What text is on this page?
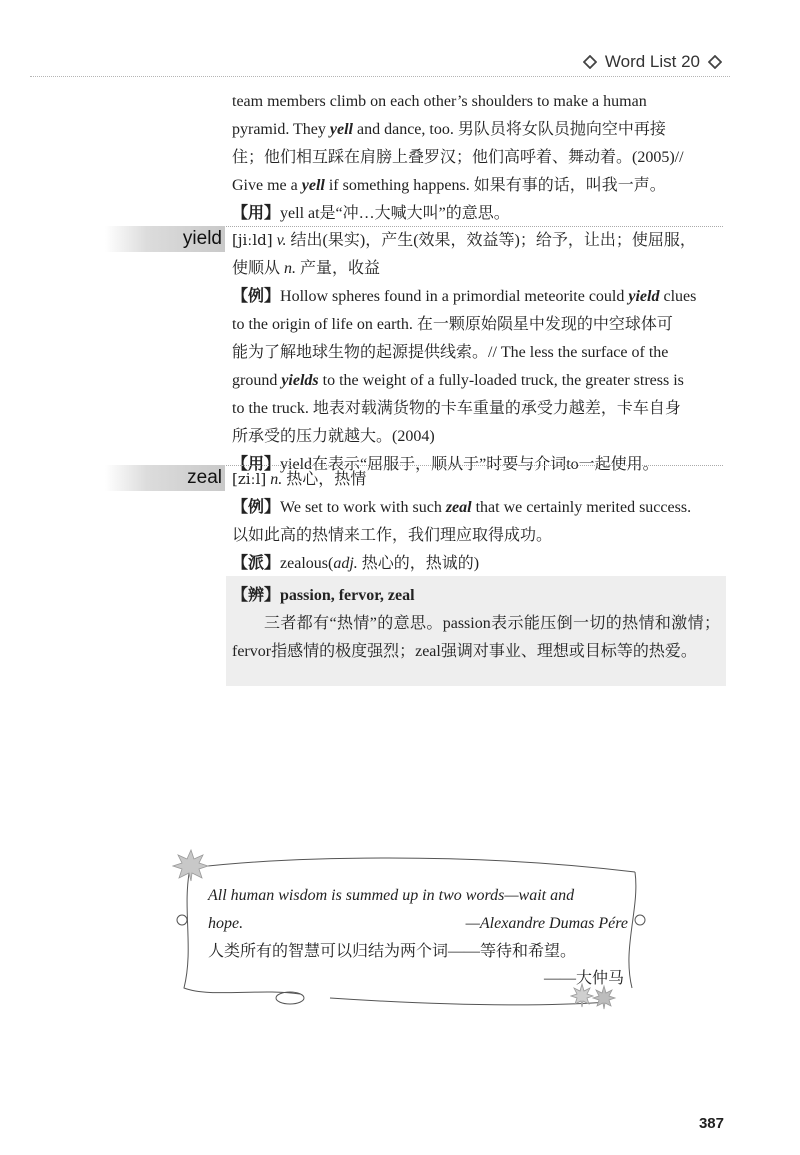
Word List 20

team members climb on each other’s shoulders to make a human

pyramid. They yell and dance, too. 男队员将女队员抛向空中再接

住；他们相互踩在肩膀上叠罗汉；他们高呼着、舞动着。(2005)//

Give me a yell if something happens. 如果有事的话，叫我一声。

【用】yell at是“冲…大喊大叫”的意思。

yield [jiːld] v. 结出(果实)，产生(效果，效益等)；给予，让出；使屈服，

使顺从 n. 产量，收益

【例】Hollow spheres found in a primordial meteorite could yield clues

to the origin of life on earth. 在一颗原始陨星中发现的中空球体可

能为了解地球生物的起源提供线索。// The less the surface of the

ground yields to the weight of a fully-loaded truck, the greater stress is

to the truck. 地表对载满货物的卡车重量的承受力越差，卡车自身

所承受的压力就越大。(2004)

【用】yield在表示“屈服于，顺从于”时要与介词to一起使用。

zeal [ziːl] n. 热心，热情

【例】We set to work with such zeal that we certainly merited success.

以如此高的热情来工作，我们理应取得成功。

【派】zealous(adj. 热心的，热诚的)

【辨】passion, fervor, zeal
三者都有“热情”的意思。passion表示能压倒一切的热情和激情；fervor指感情的极度强烈；zeal强调对事业、理想或目标等的热爱。
All human wisdom is summed up in two words—wait and
hope.	—Alexandre Dumas Pére
人类所有的智慧可以归结为两个词——等待和希望。
——大仲马
387
